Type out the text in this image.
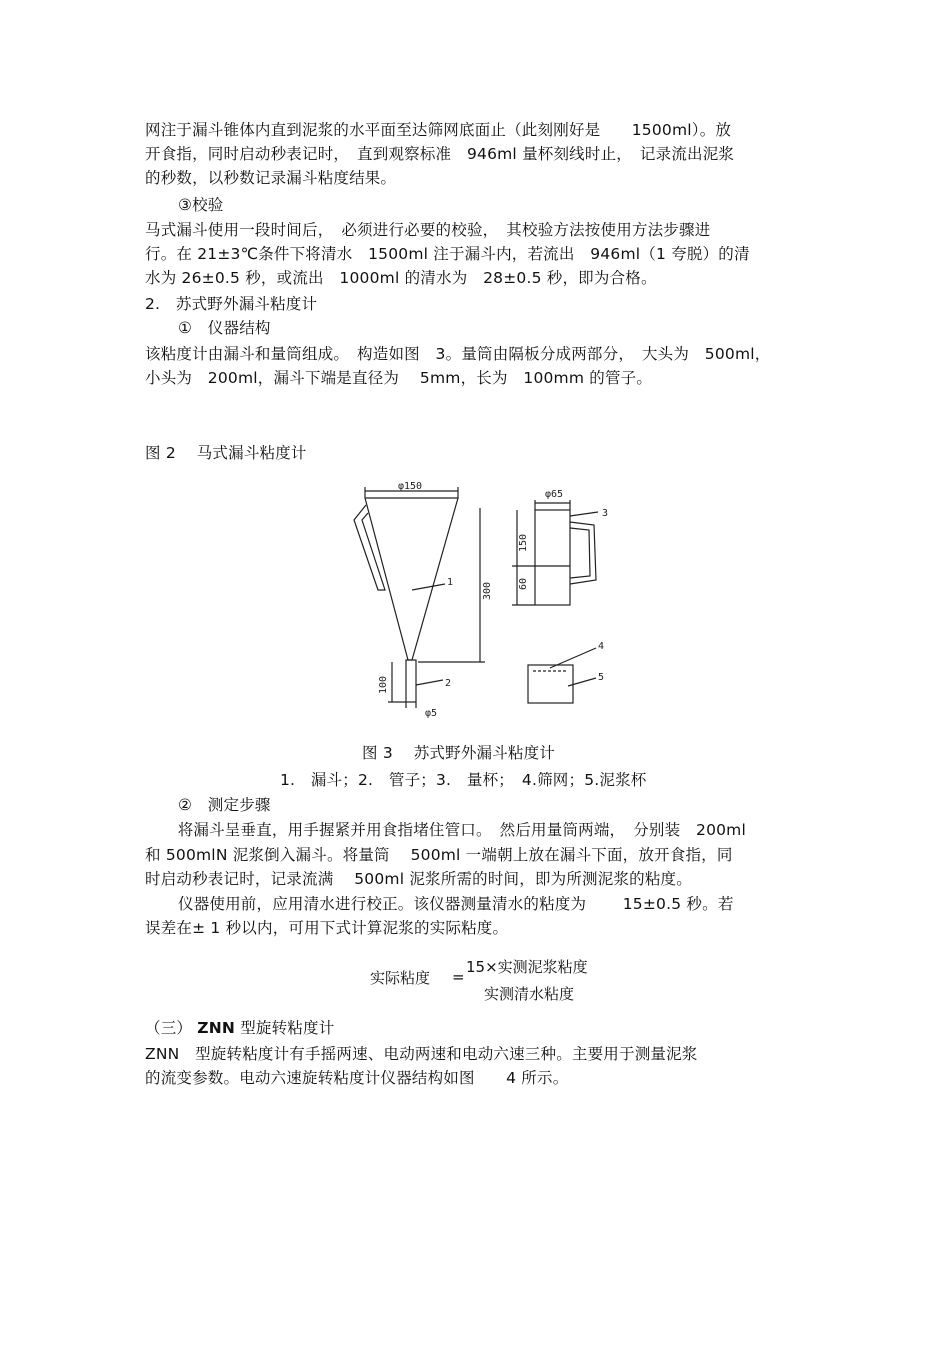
网注于漏斗锥体内直到泥浆的水平面至达筛网底面止（此刻刚好是　　1500ml）。放
开食指，同时启动秒表记时，　直到观察标准　946ml 量杯刻线时止，　记录流出泥浆
的秒数，以秒数记录漏斗粘度结果。
③校验
马式漏斗使用一段时间后，　必须进行必要的校验，　其校验方法按使用方法步骤进
行。在 21±3℃条件下将清水　1500ml 注于漏斗内，若流出　946ml（1 夸脱）的清
水为 26±0.5 秒，或流出　1000ml 的清水为　28±0.5 秒，即为合格。
2.　苏式野外漏斗粘度计
①　仪器结构
该粘度计由漏斗和量筒组成。　构造如图　3。量筒由隔板分成两部分，　大头为　500ml，
小头为　200ml，漏斗下端是直径为　 5mm，长为　100mm 的管子。
图 2　 马式漏斗粘度计
φ150
φ65
φ5
300
150
60
100
1
2
3
4
5
图 3　 苏式野外漏斗粘度计
1.　漏斗；2.　管子；3.　量杯；　4.筛网；5.泥浆杯
②　测定步骤
　将漏斗呈垂直，用手握紧并用食指堵住管口。　然后用量筒两端，　分别装　200ml
和 500mlN 泥浆倒入漏斗。将量筒　 500ml 一端朝上放在漏斗下面，放开食指，同
时启动秒表记时，记录流满　 500ml 泥浆所需的时间，即为所测泥浆的粘度。
仪器使用前，应用清水进行校正。该仪器测量清水的粘度为　　 15±0.5 秒。若
误差在± 1 秒以内，可用下式计算泥浆的实际粘度。
实际粘度 =
15×实测泥浆粘度
实测清水粘度
（三） ZNN 型旋转粘度计
ZNN　型旋转粘度计有手摇两速、电动两速和电动六速三种。主要用于测量泥浆
的流变参数。电动六速旋转粘度计仪器结构如图　　4 所示。
